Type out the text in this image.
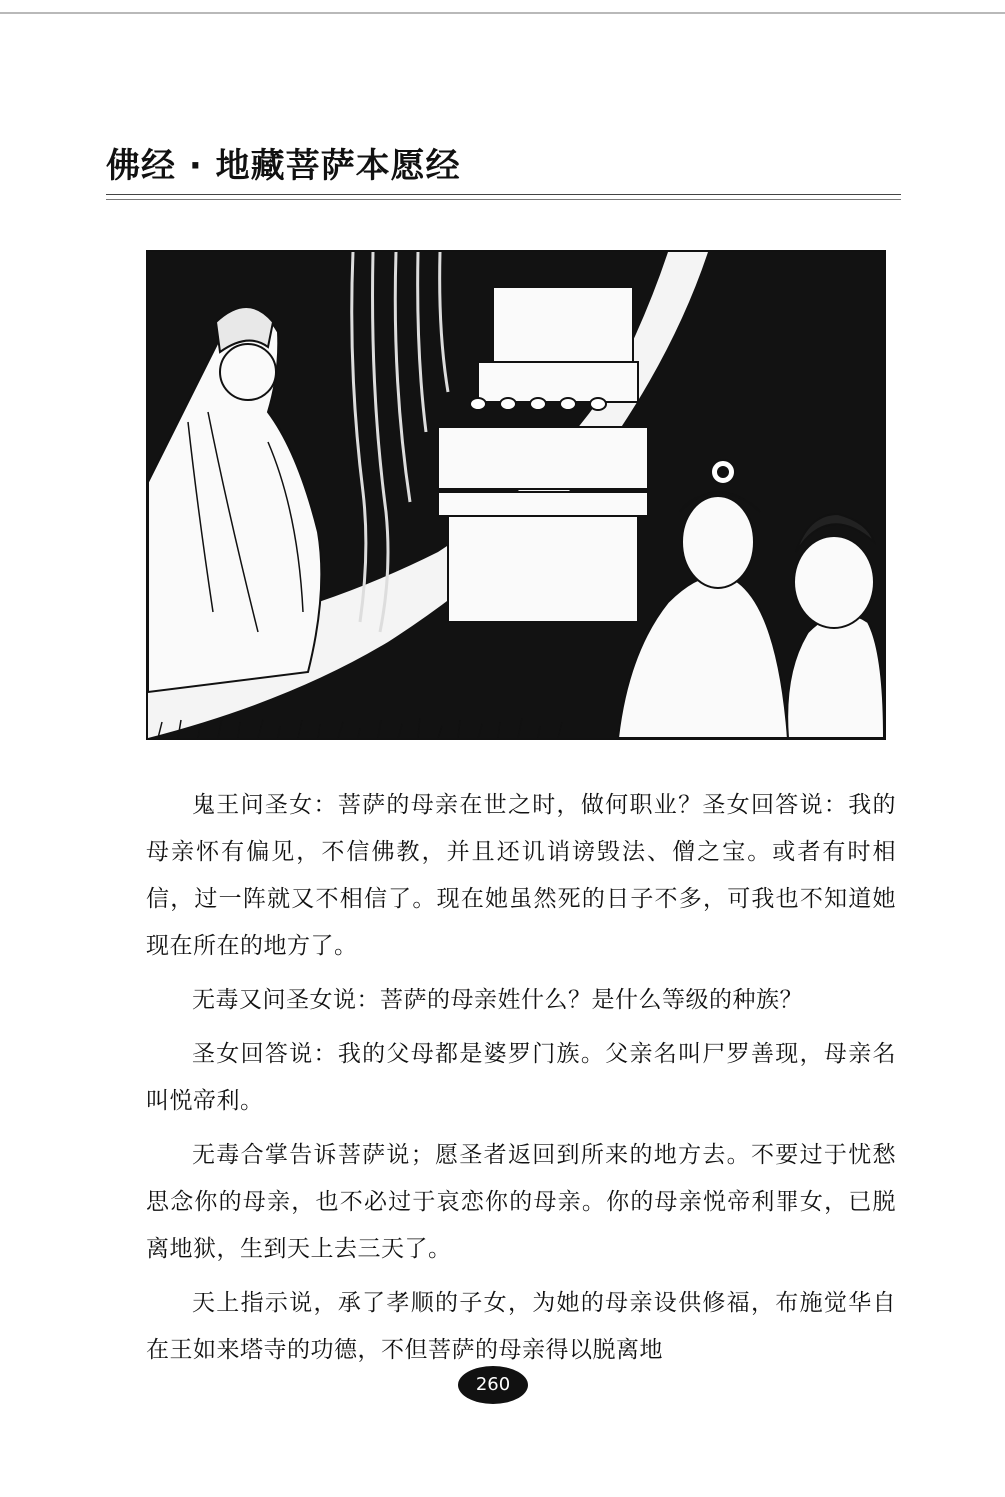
佛经 · 地藏菩萨本愿经

鬼王问圣女：菩萨的母亲在世之时，做何职业？圣女回答说：我的母亲怀有偏见，不信佛教，并且还讥诮谤毁法、僧之宝。或者有时相信，过一阵就又不相信了。现在她虽然死的日子不多，可我也不知道她现在所在的地方了。

无毒又问圣女说：菩萨的母亲姓什么？是什么等级的种族？

圣女回答说：我的父母都是婆罗门族。父亲名叫尸罗善现，母亲名叫悦帝利。

无毒合掌告诉菩萨说；愿圣者返回到所来的地方去。不要过于忧愁思念你的母亲，也不必过于哀恋你的母亲。你的母亲悦帝利罪女，已脱离地狱，生到天上去三天了。

天上指示说，承了孝顺的子女，为她的母亲设供修福，布施觉华自在王如来塔寺的功德，不但菩萨的母亲得以脱离地

260
